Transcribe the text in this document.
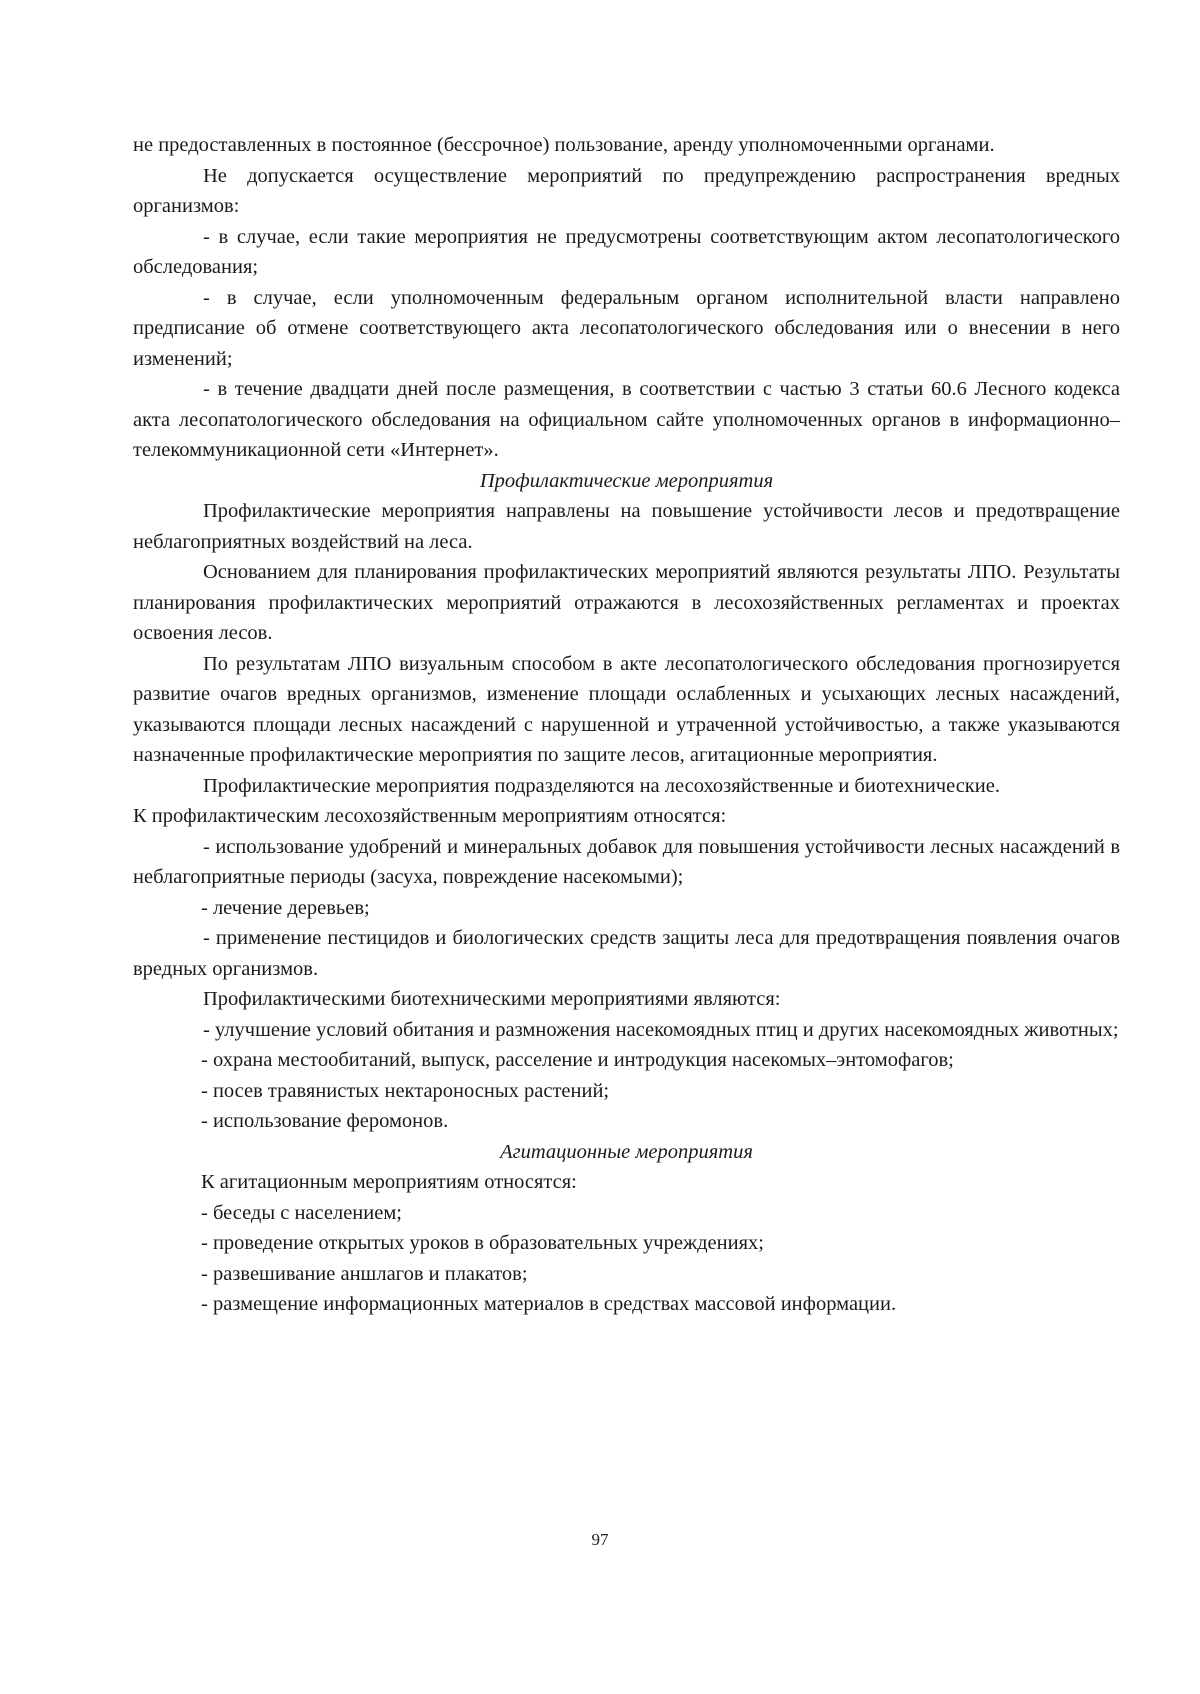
не предоставленных в постоянное (бессрочное) пользование, аренду уполномоченными органами.

Не допускается осуществление мероприятий по предупреждению распространения вредных организмов:

- в случае, если такие мероприятия не предусмотрены соответствующим актом лесопатологического обследования;

- в случае, если уполномоченным федеральным органом исполнительной власти направлено предписание об отмене соответствующего акта лесопатологического обследования или о внесении в него изменений;

- в течение двадцати дней после размещения, в соответствии с частью 3 статьи 60.6 Лесного кодекса акта лесопатологического обследования на официальном сайте уполномоченных органов в информационно–телекоммуникационной сети «Интернет».

Профилактические мероприятия

Профилактические мероприятия направлены на повышение устойчивости лесов и предотвращение неблагоприятных воздействий на леса.

Основанием для планирования профилактических мероприятий являются результаты ЛПО. Результаты планирования профилактических мероприятий отражаются в лесохозяйственных регламентах и проектах освоения лесов.

По результатам ЛПО визуальным способом в акте лесопатологического обследования прогнозируется развитие очагов вредных организмов, изменение площади ослабленных и усыхающих лесных насаждений, указываются площади лесных насаждений с нарушенной и утраченной устойчивостью, а также указываются назначенные профилактические мероприятия по защите лесов, агитационные мероприятия.

Профилактические мероприятия подразделяются на лесохозяйственные и биотехнические.

К профилактическим лесохозяйственным мероприятиям относятся:

- использование удобрений и минеральных добавок для повышения устойчивости лесных насаждений в неблагоприятные периоды (засуха, повреждение насекомыми);

- лечение деревьев;

- применение пестицидов и биологических средств защиты леса для предотвращения появления очагов вредных организмов.

Профилактическими биотехническими мероприятиями являются:

- улучшение условий обитания и размножения насекомоядных птиц и других насекомоядных животных;

- охрана местообитаний, выпуск, расселение и интродукция насекомых–энтомофагов;

- посев травянистых нектароносных растений;

- использование феромонов.

Агитационные мероприятия

К агитационным мероприятиям относятся:

- беседы с населением;

- проведение открытых уроков в образовательных учреждениях;

- развешивание аншлагов и плакатов;

- размещение информационных материалов в средствах массовой информации.

97
